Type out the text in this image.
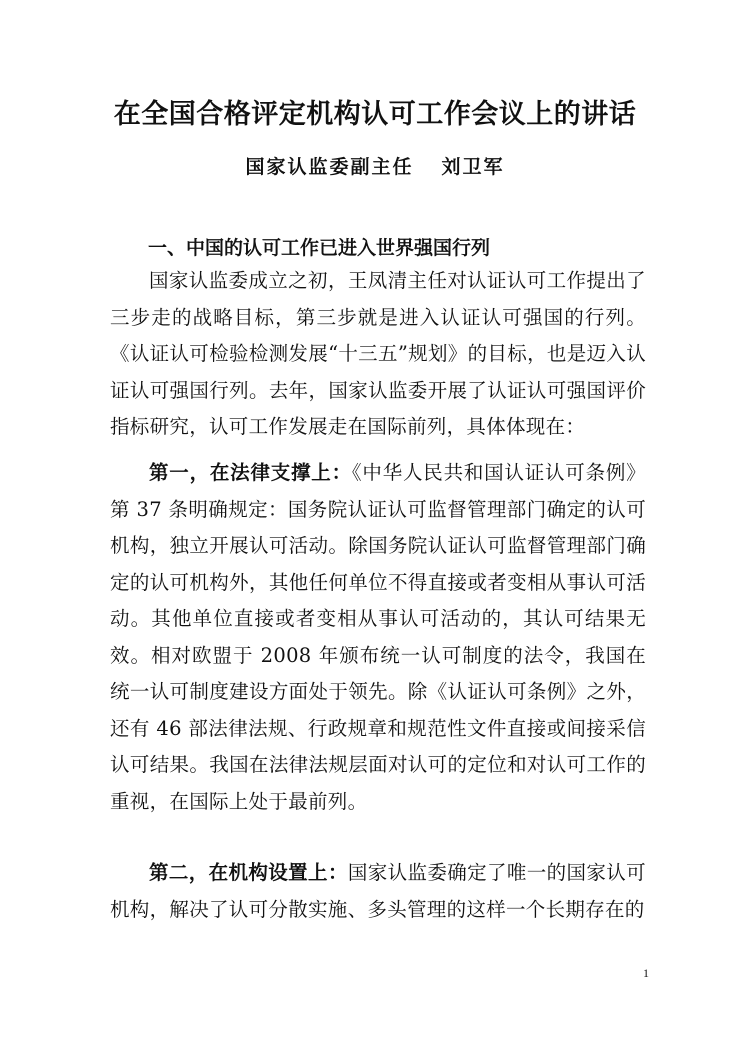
在全国合格评定机构认可工作会议上的讲话
国家认监委副主任 刘卫军
一、中国的认可工作已进入世界强国行列
国家认监委成立之初，王凤清主任对认证认可工作提出了三步走的战略目标，第三步就是进入认证认可强国的行列。《认证认可检验检测发展“十三五”规划》的目标，也是迈入认证认可强国行列。去年，国家认监委开展了认证认可强国评价指标研究，认可工作发展走在国际前列，具体体现在：
第一，在法律支撑上：《中华人民共和国认证认可条例》第 37 条明确规定：国务院认证认可监督管理部门确定的认可机构，独立开展认可活动。除国务院认证认可监督管理部门确定的认可机构外，其他任何单位不得直接或者变相从事认可活动。其他单位直接或者变相从事认可活动的，其认可结果无效。相对欧盟于 2008 年颁布统一认可制度的法令，我国在统一认可制度建设方面处于领先。除《认证认可条例》之外，还有 46 部法律法规、行政规章和规范性文件直接或间接采信认可结果。我国在法律法规层面对认可的定位和对认可工作的重视，在国际上处于最前列。
第二，在机构设置上：国家认监委确定了唯一的国家认可机构，解决了认可分散实施、多头管理的这样一个长期存在的
1
